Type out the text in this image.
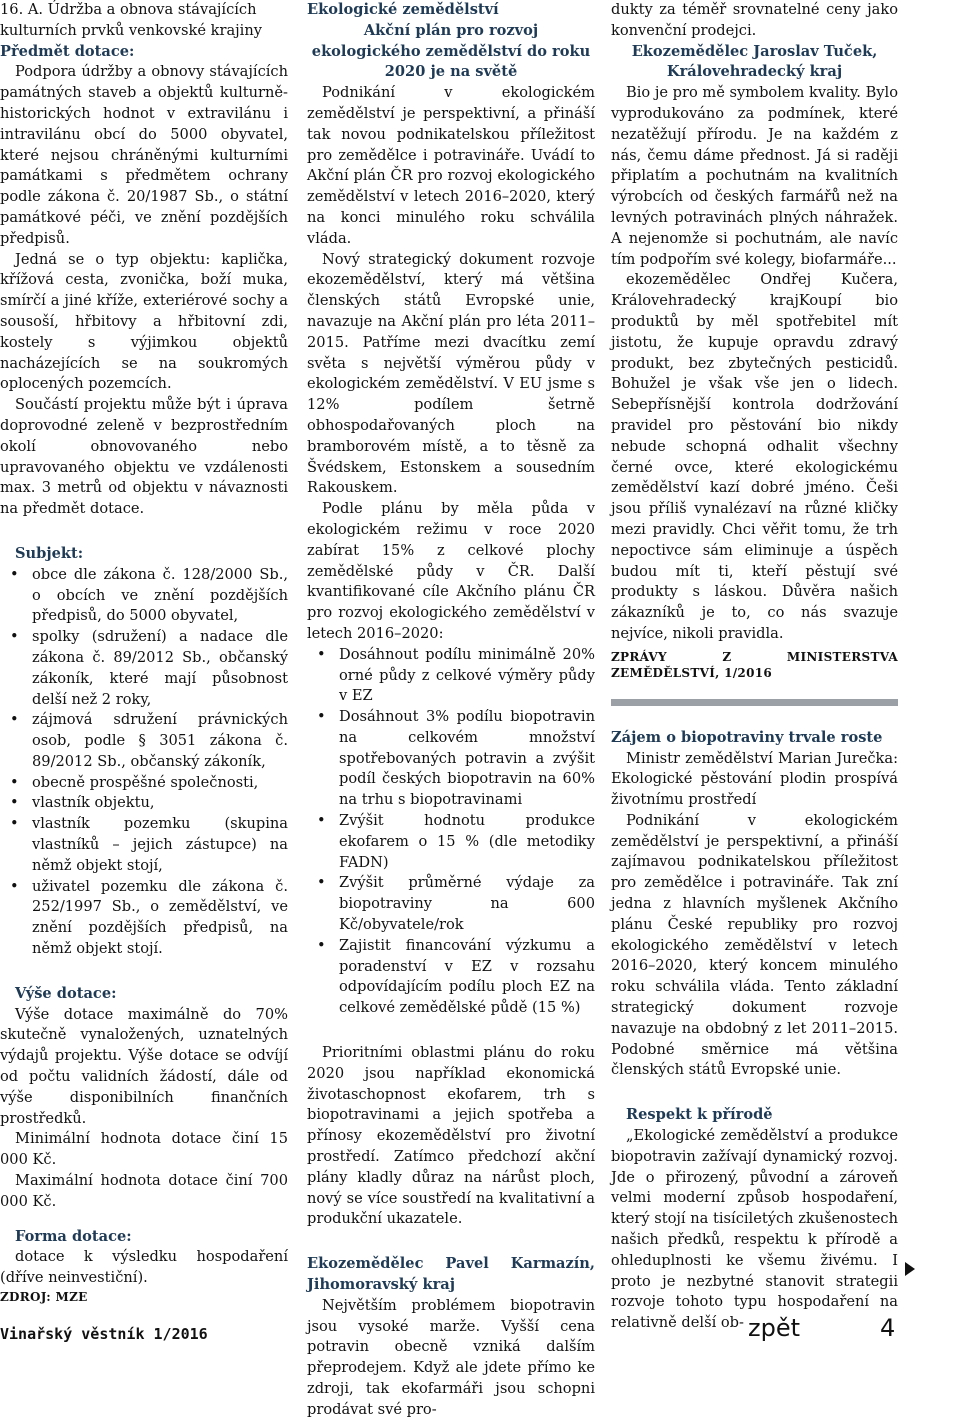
16. A. Údržba a obnova stávajících kulturních prvků venkovské krajiny

Předmět dotace:

Podpora údržby a obnovy stávajících památných staveb a objektů kulturně-historických hodnot v extravilánu i intravilánu obcí do 5000 obyvatel, které nejsou chráněnými kulturními památkami s předmětem ochrany podle zákona č. 20/1987 Sb., o státní památkové péči, ve znění pozdějších předpisů.

Jedná se o typ objektu: kaplička, křížová cesta, zvonička, boží muka, smírčí a jiné kříže, exteriérové sochy a sousoší, hřbitovy a hřbitovní zdi, kostely s výjimkou objektů nacházejících se na soukromých oplocených pozemcích.

Součástí projektu může být i úprava doprovodné zeleně v bezprostředním okolí obnovovaného nebo upravovaného objektu ve vzdálenosti max. 3 metrů od objektu v návaznosti na předmět dotace.

Subjekt:

• obce dle zákona č. 128/2000 Sb., o obcích ve znění pozdějších předpisů, do 5000 obyvatel,
• spolky (sdružení) a nadace dle zákona č. 89/2012 Sb., občanský zákoník, které mají působnost delší než 2 roky,
• zájmová sdružení právnických osob, podle § 3051 zákona č. 89/2012 Sb., občanský zákoník,
• obecně prospěšné společnosti,
• vlastník objektu,
• vlastník pozemku (skupina vlastníků – jejich zástupce) na němž objekt stojí,
• uživatel pozemku dle zákona č. 252/1997 Sb., o zemědělství, ve znění pozdějších předpisů, na němž objekt stojí.

Výše dotace:

Výše dotace maximálně do 70% skutečně vynaložených, uznatelných výdajů projektu. Výše dotace se odvíjí od počtu validních žádostí, dále od výše disponibilních finančních prostředků.

Minimální hodnota dotace činí 15 000 Kč.

Maximální hodnota dotace činí 700 000 Kč.

Forma dotace:

dotace k výsledku hospodaření (dříve neinvestiční).

ZDROJ: MZE

Ekologické zemědělství

Akční plán pro rozvoj ekologického zemědělství do roku 2020 je na světě

Podnikání v ekologickém zemědělství je perspektivní, a přináší tak novou podnikatelskou příležitost pro zemědělce i potravináře. Uvádí to Akční plán ČR pro rozvoj ekologického zemědělství v letech 2016–2020, který na konci minulého roku schválila vláda.

Nový strategický dokument rozvoje ekozemědělství, který má většina členských států Evropské unie, navazuje na Akční plán pro léta 2011–2015. Patříme mezi dvacítku zemí světa s největší výměrou půdy v ekologickém zemědělství. V EU jsme s 12% podílem šetrně obhospodařovaných ploch na bramborovém místě, a to těsně za Švédskem, Estonskem a sousedním Rakouskem.

Podle plánu by měla půda v ekologickém režimu v roce 2020 zabírat 15% z celkové plochy zemědělské půdy v ČR. Další kvantifikované cíle Akčního plánu ČR pro rozvoj ekologického zemědělství v letech 2016–2020:

• Dosáhnout podílu minimálně 20% orné půdy z celkové výměry půdy v EZ
• Dosáhnout 3% podílu biopotravin na celkovém množství spotřebovaných potravin a zvýšit podíl českých biopotravin na 60% na trhu s biopotravinami
• Zvýšit hodnotu produkce ekofarem o 15 % (dle metodiky FADN)
• Zvýšit průměrné výdaje za biopotraviny na 600 Kč/obyvatele/rok
• Zajistit financování výzkumu a poradenství v EZ v rozsahu odpovídajícím podílu ploch EZ na celkové zemědělské půdě (15 %)

Prioritními oblastmi plánu do roku 2020 jsou například ekonomická životaschopnost ekofarem, trh s biopotravinami a jejich spotřeba a přínosy ekozemědělství pro životní prostředí. Zatímco předchozí akční plány kladly důraz na nárůst ploch, nový se více soustředí na kvalitativní a produkční ukazatele.

Ekozemědělec Pavel Karmazín, Jihomoravský kraj

Největším problémem biopotravin jsou vysoké marže. Vyšší cena potravin obecně vzniká dalším přeprodejem. Když ale jdete přímo ke zdroji, tak ekofarmáři jsou schopni prodávat své pro-

dukty za téměř srovnatelné ceny jako konvenční prodejci.

Ekozemědělec Jaroslav Tuček, Královehradecký kraj

Bio je pro mě symbolem kvality. Bylo vyprodukováno za podmínek, které nezatěžují přírodu. Je na každém z nás, čemu dáme přednost. Já si raději připlatím a pochutnám na kvalitních výrobcích od českých farmářů než na levných potravinách plných náhražek. A nejenomže si pochutnám, ale navíc tím podpořím své kolegy, biofarmáře...

ekozemědělec Ondřej Kučera, Královehradecký krajKoupí bio produktů by měl spotřebitel mít jistotu, že kupuje opravdu zdravý produkt, bez zbytečných pesticidů. Bohužel je však vše jen o lidech. Sebepřísnější kontrola dodržování pravidel pro pěstování bio nikdy nebude schopná odhalit všechny černé ovce, které ekologickému zemědělství kazí dobré jméno. Češi jsou příliš vynalézaví na různé kličky mezi pravidly. Chci věřit tomu, že trh nepoctivce sám eliminuje a úspěch budou mít ti, kteří pěstují své produkty s láskou. Důvěra našich zákazníků je to, co nás svazuje nejvíce, nikoli pravidla.

ZPRÁVY Z MINISTERSTVA ZEMĚDĚLSTVÍ, 1/2016

Zájem o biopotraviny trvale roste

Ministr zemědělství Marian Jurečka: Ekologické pěstování plodin prospívá životnímu prostředí

Podnikání v ekologickém zemědělství je perspektivní, a přináší zajímavou podnikatelskou příležitost pro zemědělce i potravináře. Tak zní jedna z hlavních myšlenek Akčního plánu České republiky pro rozvoj ekologického zemědělství v letech 2016–2020, který koncem minulého roku schválila vláda. Tento základní strategický dokument rozvoje navazuje na obdobný z let 2011–2015. Podobné směrnice má většina členských států Evropské unie.

Respekt k přírodě

„Ekologické zemědělství a produkce biopotravin zažívají dynamický rozvoj. Jde o přirozený, původní a zároveň velmi moderní způsob hospodaření, který stojí na tisíciletých zkušenostech našich předků, respektu k přírodě a ohleduplnosti ke všemu živému. I proto je nezbytné stanovit strategii rozvoje tohoto typu hospodaření na relativně delší ob-

Vinařský věstník 1/2016	zpět	4
